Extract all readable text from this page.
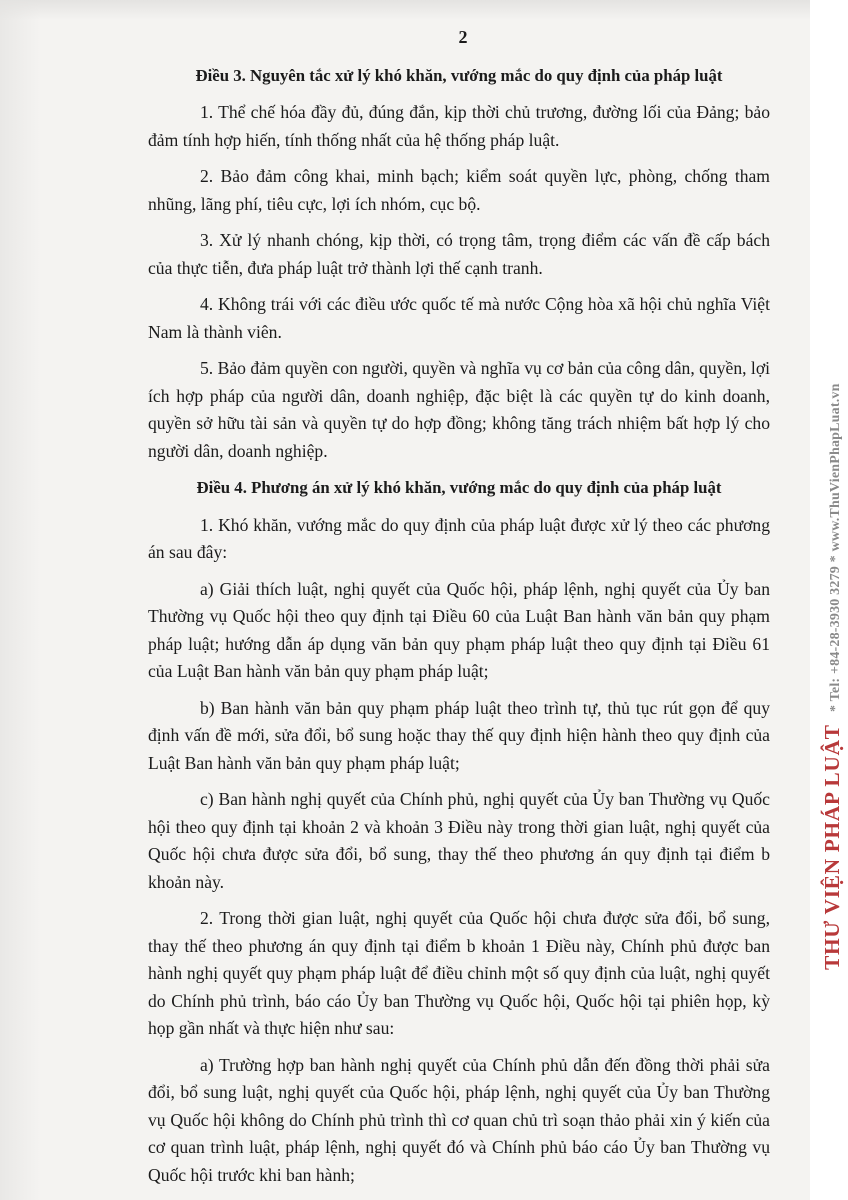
2
Điều 3. Nguyên tắc xử lý khó khăn, vướng mắc do quy định của pháp luật

1. Thể chế hóa đầy đủ, đúng đắn, kịp thời chủ trương, đường lối của Đảng; bảo đảm tính hợp hiến, tính thống nhất của hệ thống pháp luật.

2. Bảo đảm công khai, minh bạch; kiểm soát quyền lực, phòng, chống tham nhũng, lãng phí, tiêu cực, lợi ích nhóm, cục bộ.

3. Xử lý nhanh chóng, kịp thời, có trọng tâm, trọng điểm các vấn đề cấp bách của thực tiễn, đưa pháp luật trở thành lợi thế cạnh tranh.

4. Không trái với các điều ước quốc tế mà nước Cộng hòa xã hội chủ nghĩa Việt Nam là thành viên.

5. Bảo đảm quyền con người, quyền và nghĩa vụ cơ bản của công dân, quyền, lợi ích hợp pháp của người dân, doanh nghiệp, đặc biệt là các quyền tự do kinh doanh, quyền sở hữu tài sản và quyền tự do hợp đồng; không tăng trách nhiệm bất hợp lý cho người dân, doanh nghiệp.

Điều 4. Phương án xử lý khó khăn, vướng mắc do quy định của pháp luật

1. Khó khăn, vướng mắc do quy định của pháp luật được xử lý theo các phương án sau đây:

a) Giải thích luật, nghị quyết của Quốc hội, pháp lệnh, nghị quyết của Ủy ban Thường vụ Quốc hội theo quy định tại Điều 60 của Luật Ban hành văn bản quy phạm pháp luật; hướng dẫn áp dụng văn bản quy phạm pháp luật theo quy định tại Điều 61 của Luật Ban hành văn bản quy phạm pháp luật;

b) Ban hành văn bản quy phạm pháp luật theo trình tự, thủ tục rút gọn để quy định vấn đề mới, sửa đổi, bổ sung hoặc thay thế quy định hiện hành theo quy định của Luật Ban hành văn bản quy phạm pháp luật;

c) Ban hành nghị quyết của Chính phủ, nghị quyết của Ủy ban Thường vụ Quốc hội theo quy định tại khoản 2 và khoản 3 Điều này trong thời gian luật, nghị quyết của Quốc hội chưa được sửa đổi, bổ sung, thay thế theo phương án quy định tại điểm b khoản này.

2. Trong thời gian luật, nghị quyết của Quốc hội chưa được sửa đổi, bổ sung, thay thế theo phương án quy định tại điểm b khoản 1 Điều này, Chính phủ được ban hành nghị quyết quy phạm pháp luật để điều chỉnh một số quy định của luật, nghị quyết do Chính phủ trình, báo cáo Ủy ban Thường vụ Quốc hội, Quốc hội tại phiên họp, kỳ họp gần nhất và thực hiện như sau:

a) Trường hợp ban hành nghị quyết của Chính phủ dẫn đến đồng thời phải sửa đổi, bổ sung luật, nghị quyết của Quốc hội, pháp lệnh, nghị quyết của Ủy ban Thường vụ Quốc hội không do Chính phủ trình thì cơ quan chủ trì soạn thảo phải xin ý kiến của cơ quan trình luật, pháp lệnh, nghị quyết đó và Chính phủ báo cáo Ủy ban Thường vụ Quốc hội trước khi ban hành;

THƯ VIỆN PHÁP LUẬT
* Tel: +84-28-3930 3279 * www.ThuVienPhapLuat.vn
